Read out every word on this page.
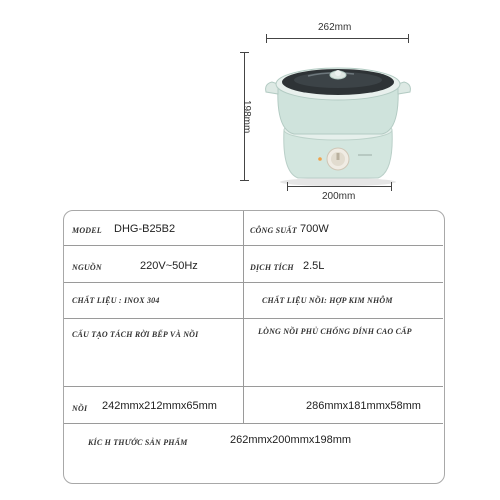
262mm
198mm
200mm
MODEL DHG-B25B2	CÔNG SUẤT 700W
NGUỒN	220V~50Hz	DỊCH TÍCH 2.5L
CHẤT LIỆU : INOX 304	CHẤT LIỆU NỒI: HỢP KIM NHÔM
CẤU TẠO TÁCH RỜI BẾP VÀ NỒI	LÒNG NỒI PHỦ CHỐNG DÍNH CAO CẤP
NỒI 242mmx212mmx65mm	286mmx181mmx58mm
KÍC H THƯỚC SẢN PHẨM	262mmx200mmx198mm
